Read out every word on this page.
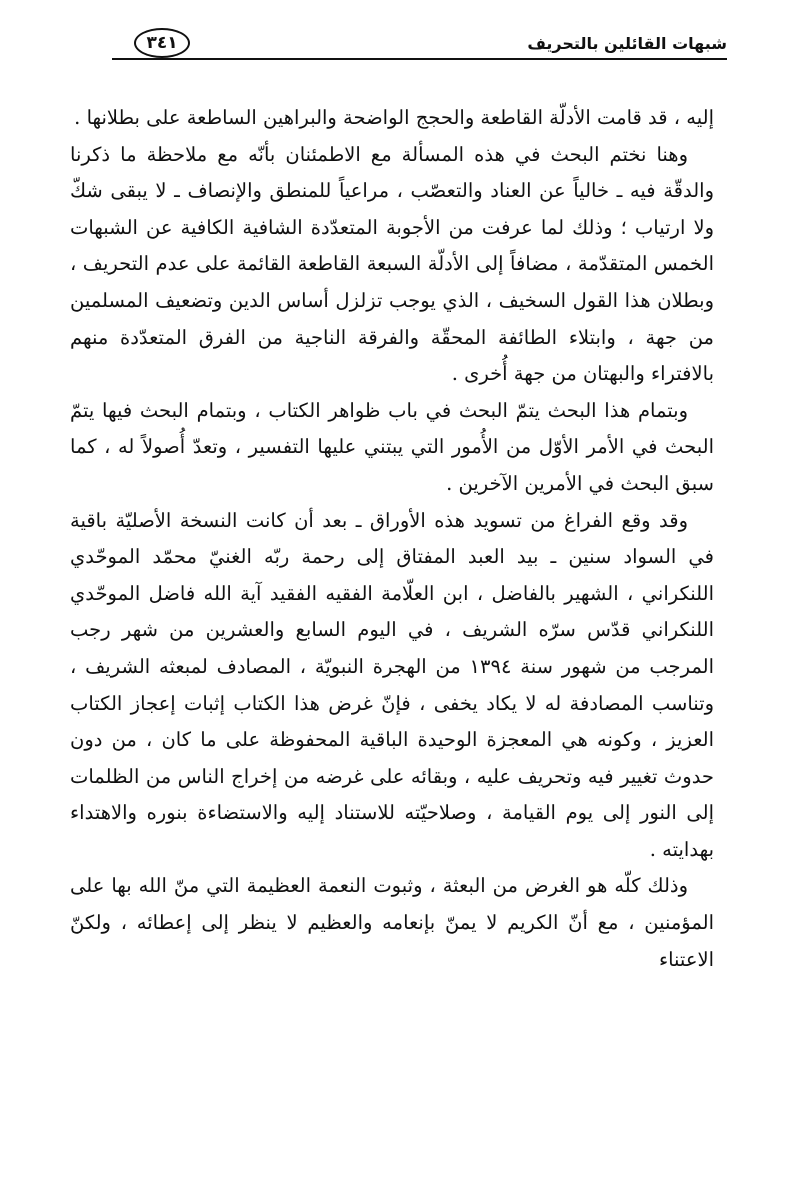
شبهات القائلين بالتحريف
٣٤١

إليه ، قد قامت الأدلّة القاطعة والحجج الواضحة والبراهين الساطعة على بطلانها .

وهنا نختم البحث في هذه المسألة مع الاطمئنان بأنّه مع ملاحظة ما ذكرنا والدقّة فيه ـ خالياً عن العناد والتعصّب ، مراعياً للمنطق والإنصاف ـ لا يبقى شكّ ولا ارتياب ؛ وذلك لما عرفت من الأجوبة المتعدّدة الشافية الكافية عن الشبهات الخمس المتقدّمة ، مضافاً إلى الأدلّة السبعة القاطعة القائمة على عدم التحريف ، وبطلان هذا القول السخيف ، الذي يوجب تزلزل أساس الدين وتضعيف المسلمين من جهة ، وابتلاء الطائفة المحقّة والفرقة الناجية من الفرق المتعدّدة منهم بالافتراء والبهتان من جهة أُخرى .

وبتمام هذا البحث يتمّ البحث في باب ظواهر الكتاب ، وبتمام البحث فيها يتمّ البحث في الأمر الأوّل من الأُمور التي يبتني عليها التفسير ، وتعدّ أُصولاً له ، كما سبق البحث في الأمرين الآخرين .

وقد وقع الفراغ من تسويد هذه الأوراق ـ بعد أن كانت النسخة الأصليّة باقية في السواد سنين ـ بيد العبد المفتاق إلى رحمة ربّه الغنيّ محمّد الموحّدي اللنكراني ، الشهير بالفاضل ، ابن العلّامة الفقيه الفقيد آية الله فاضل الموحّدي اللنكراني قدّس سرّه الشريف ، في اليوم السابع والعشرين من شهر رجب المرجب من شهور سنة ١٣٩٤ من الهجرة النبويّة ، المصادف لمبعثه الشريف ، وتناسب المصادفة له لا يكاد يخفى ، فإنّ غرض هذا الكتاب إثبات إعجاز الكتاب العزيز ، وكونه هي المعجزة الوحيدة الباقية المحفوظة على ما كان ، من دون حدوث تغيير فيه وتحريف عليه ، وبقائه على غرضه من إخراج الناس من الظلمات إلى النور إلى يوم القيامة ، وصلاحيّته للاستناد إليه والاستضاءة بنوره والاهتداء بهدايته .

وذلك كلّه هو الغرض من البعثة ، وثبوت النعمة العظيمة التي منّ الله بها على المؤمنين ، مع أنّ الكريم لا يمنّ بإنعامه والعظيم لا ينظر إلى إعطائه ، ولكنّ الاعتناء
